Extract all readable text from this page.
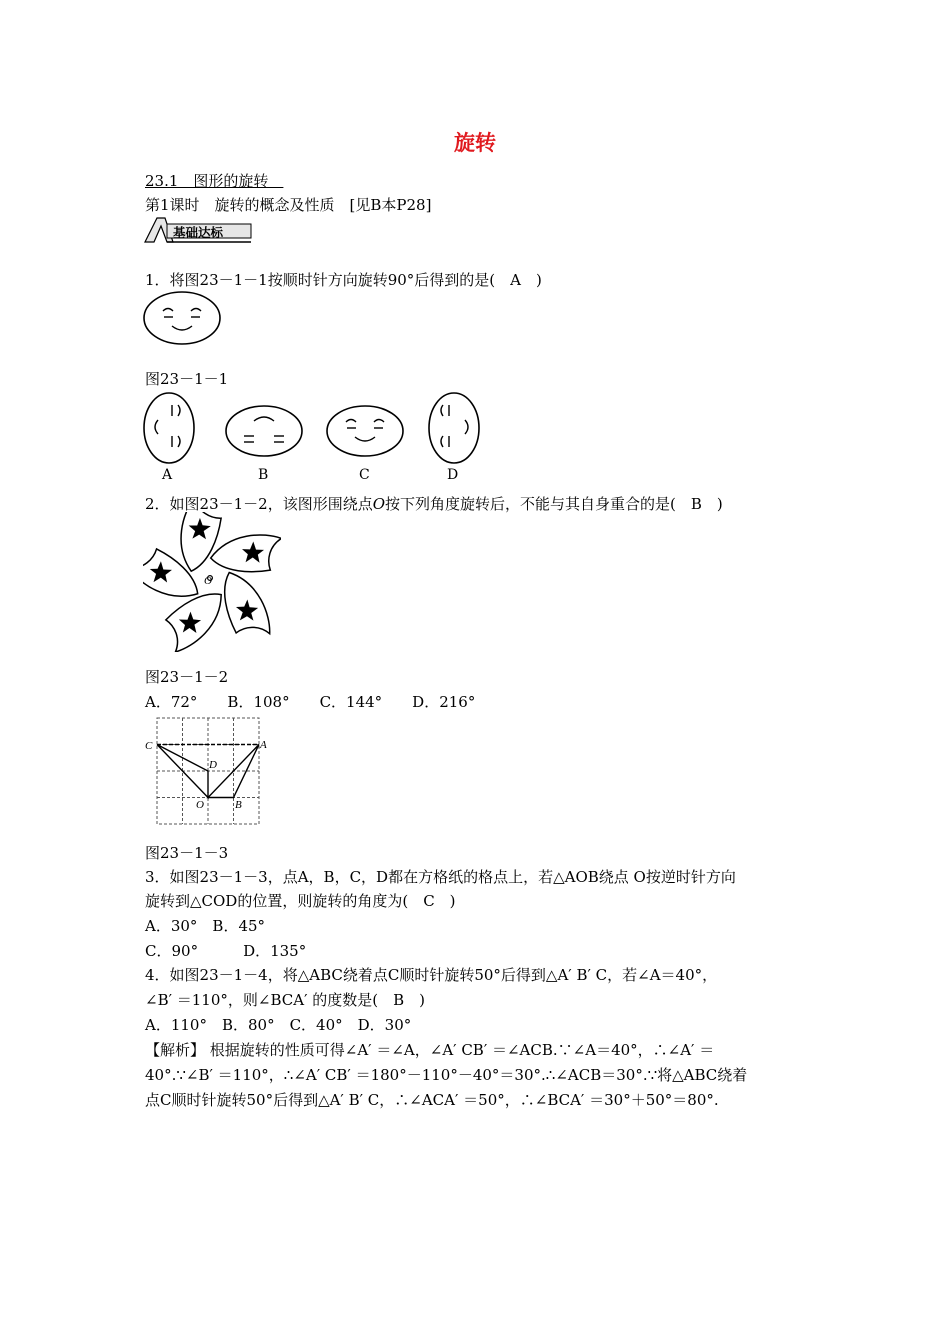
旋转
23.1　图形的旋转　
第1课时　旋转的概念及性质　[见B本P28]
基础达标
1．将图23－1－1按顺时针方向旋转90°后得到的是(　A　)
图23－1－1
A	B	C	D
2．如图23－1－2，该图形围绕点O按下列角度旋转后，不能与其自身重合的是(　B　)
O
图23－1－2
A．72°　　B．108°　　C．144°　　D．216°
C	A
D
O	B
图23－1－3
3．如图23－1－3，点A，B，C，D都在方格纸的格点上，若△AOB绕点 O按逆时针方向
旋转到△COD的位置，则旋转的角度为(　C　)
A．30°　B．45°
C．90°　　　D．135°
4．如图23－1－4，将△ABC绕着点C顺时针旋转50°后得到△A′ B′ C，若∠A＝40°，
∠B′ ＝110°，则∠BCA′ 的度数是(　B　)
A．110°　B．80°　C．40°　D．30°
【解析】 根据旋转的性质可得∠A′ ＝∠A，∠A′ CB′ ＝∠ACB.∵∠A＝40°，∴∠A′ ＝
40°.∵∠B′ ＝110°，∴∠A′ CB′ ＝180°－110°－40°＝30°.∴∠ACB＝30°.∵将△ABC绕着
点C顺时针旋转50°后得到△A′ B′ C，∴∠ACA′ ＝50°，∴∠BCA′ ＝30°＋50°＝80°.
